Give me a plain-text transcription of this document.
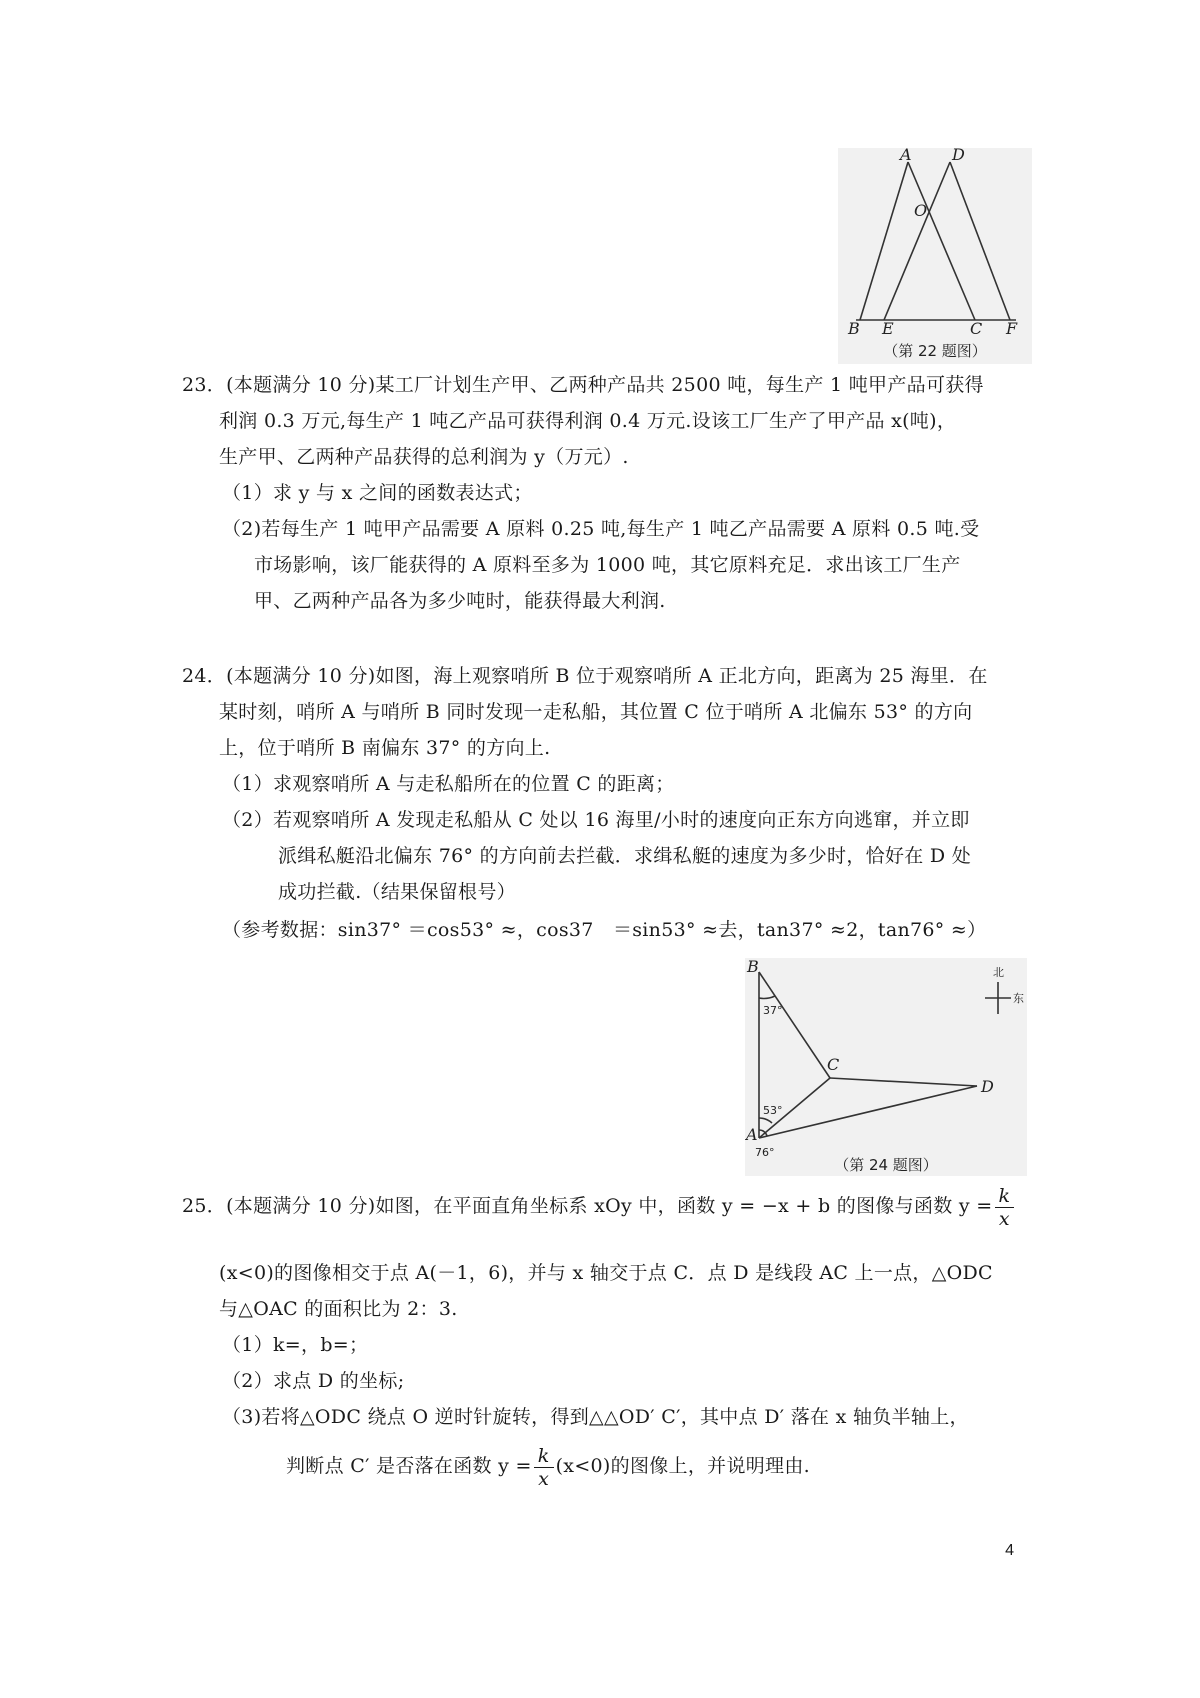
A	D
O
B E	C F
（第 22 题图）
23．(本题满分 10 分)某工厂计划生产甲、乙两种产品共 2500 吨，每生产 1 吨甲产品可获得
利润 0.3 万元,每生产 1 吨乙产品可获得利润 0.4 万元.设该工厂生产了甲产品 x(吨)，
生产甲、乙两种产品获得的总利润为 y（万元）.
（1）求 y 与 x 之间的函数表达式；
（2)若每生产 1 吨甲产品需要 A 原料 0.25 吨,每生产 1 吨乙产品需要 A 原料 0.5 吨.受
市场影响，该厂能获得的 A 原料至多为 1000 吨，其它原料充足．求出该工厂生产
甲、乙两种产品各为多少吨时，能获得最大利润.
24．(本题满分 10 分)如图，海上观察哨所 B 位于观察哨所 A 正北方向，距离为 25 海里．在
某时刻，哨所 A 与哨所 B 同时发现一走私船，其位置 C 位于哨所 A 北偏东 53° 的方向
上，位于哨所 B 南偏东 37° 的方向上.
（1）求观察哨所 A 与走私船所在的位置 C 的距离；
（2）若观察哨所 A 发现走私船从 C 处以 16 海里/小时的速度向正东方向逃窜，并立即
派缉私艇沿北偏东 76° 的方向前去拦截．求缉私艇的速度为多少时，恰好在 D 处
成功拦截.（结果保留根号）
（参考数据：sin37° ＝cos53° ≈，cos37　＝sin53° ≈去，tan37° ≈2，tan76° ≈）
北
东
B
C
D
A
37°
53°
76°
（第 24 题图）
25．(本题满分 10 分)如图，在平面直角坐标系 xOy 中，函数 y = −x + b 的图像与函数 $y = \frac{k}{x}$
(x<0)的图像相交于点 A(－1，6)，并与 x 轴交于点 C．点 D 是线段 AC 上一点，△ODC
与△OAC 的面积比为 2：3.
（1）k=，b=；
（2）求点 D 的坐标;
（3)若将△ODC 绕点 O 逆时针旋转，得到△△OD′ C′，其中点 D′ 落在 x 轴负半轴上，
判断点 C′ 是否落在函数 $y = \frac{k}{x} (x<0)$的图像上，并说明理由.
4
